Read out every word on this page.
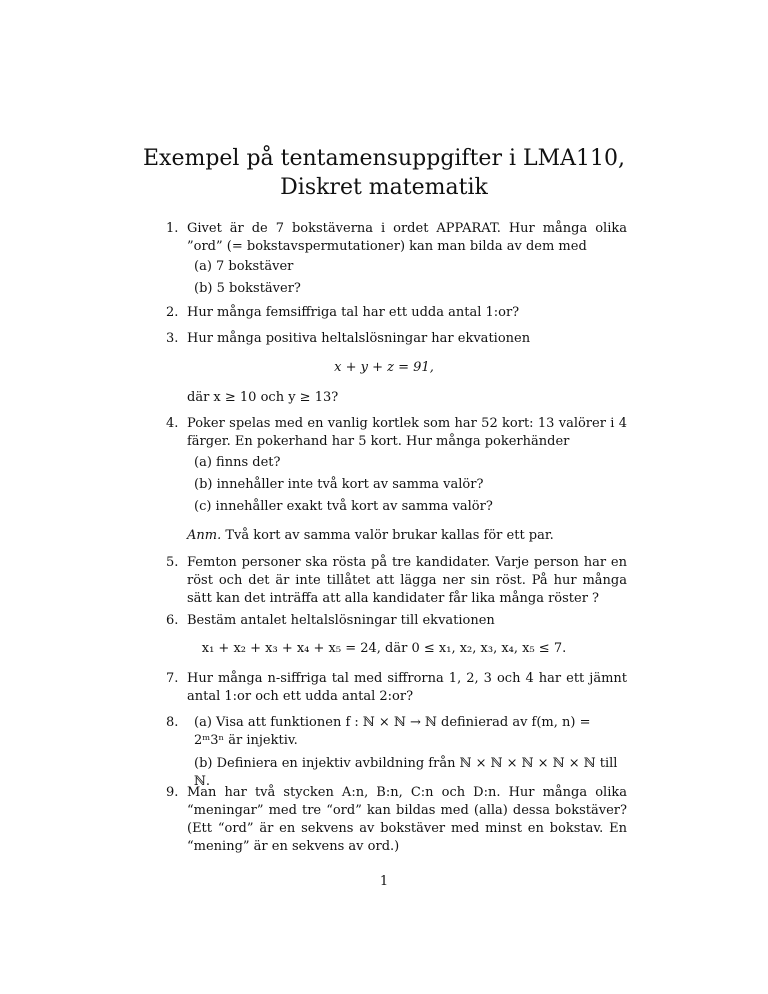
Exempel på tentamensuppgifter i LMA110,
Diskret matematik
1. Givet är de 7 bokstäverna i ordet APPARAT. Hur många olika ”ord” (= bokstavspermutationer) kan man bilda av dem med

(a) 7 bokstäver
(b) 5 bokstäver?
2. Hur många femsiffriga tal har ett udda antal 1:or?

3. Hur många positiva heltalslösningar har ekvationen

x + y + z = 91,

där x ≥ 10 och y ≥ 13?

4. Poker spelas med en vanlig kortlek som har 52 kort: 13 valörer i 4 färger. En pokerhand har 5 kort. Hur många pokerhänder

(a) finns det?
(b) innehåller inte två kort av samma valör?
(c) innehåller exakt två kort av samma valör?

Anm. Två kort av samma valör brukar kallas för ett par.

5. Femton personer ska rösta på tre kandidater. Varje person har en röst och det är inte tillåtet att lägga ner sin röst. På hur många sätt kan det inträffa att alla kandidater får lika många röster ?

6. Bestäm antalet heltalslösningar till ekvationen

x₁ + x₂ + x₃ + x₄ + x₅ = 24, där 0 ≤ x₁, x₂, x₃, x₄, x₅ ≤ 7.
7. Hur många n-siffriga tal med siffrorna 1, 2, 3 och 4 har ett jämnt antal 1:or och ett udda antal 2:or?

8. (a) Visa att funktionen f : ℕ × ℕ → ℕ definierad av f(m, n) = 2ᵐ3ⁿ är injektiv.

(b) Definiera en injektiv avbildning från ℕ × ℕ × ℕ × ℕ × ℕ till ℕ.

9. Man har två stycken A:n, B:n, C:n och D:n. Hur många olika “meningar” med tre “ord” kan bildas med (alla) dessa bokstäver? (Ett “ord” är en sekvens av bokstäver med minst en bokstav. En “mening” är en sekvens av ord.)

1
